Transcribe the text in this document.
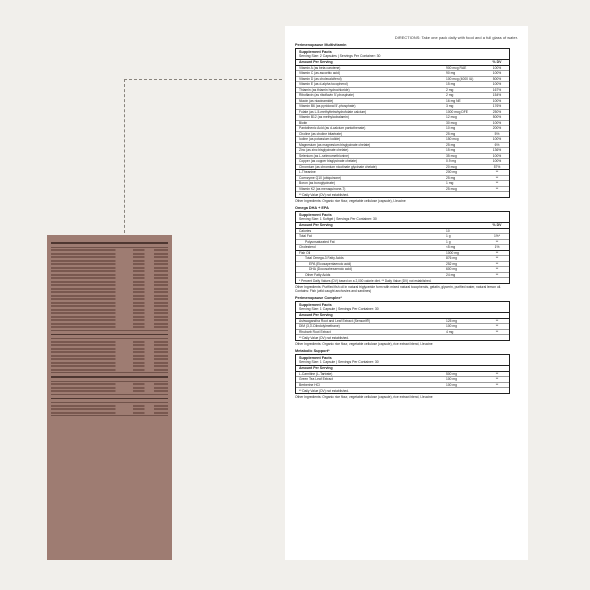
DIRECTIONS: Take one pack daily with food and a full glass of water.
Perimenopause Multivitamin
Supplement Facts
Serving Size: 2 Capsules | Servings Per Container: 30
Amount Per Serving	% DV
Vitamin A (as beta carotene)	900 mcg RAE	100%
Vitamin C (as ascorbic acid)	90 mg	100%
Vitamin D (as cholecalciferol)	100 mcg (4000 IU)	500%
Vitamin E (as d-alpha tocopherol)	15 mg	100%
Thiamin (as thiamin hydrochloride)	2 mg	167%
Riboflavin (as riboflavin 5'-phosphate)	2 mg	154%
Niacin (as niacinamide)	16 mg NE	100%
Vitamin B6 (as pyridoxal 5'-phosphate)	3 mg	176%
Folate (as L-5-methyltetrahydrofolate calcium)	1000 mcg DFE	250%
Vitamin B12 (as methylcobalamin)	12 mcg	500%
Biotin	30 mcg	100%
Pantothenic Acid (as d-calcium pantothenate)	10 mg	200%
Choline (as choline bitartrate)	25 mg	5%
Iodine (as potassium iodide)	150 mcg	100%
Magnesium (as magnesium bisglycinate chelate)	25 mg	6%
Zinc (as zinc bisglycinate chelate)	15 mg	136%
Selenium (as L-selenomethionine)	35 mcg	100%
Copper (as copper bisglycinate chelate)	0.9 mg	100%
Chromium (as chromium nicotinate glycinate chelate)	20 mcg	57%
L-Theanine	200 mg	**
Coenzyme Q10 (ubiquinone)	25 mg	**
Boron (as boroglycinate)	1 mg	**
Vitamin K2 (as menaquinone-7)	25 mcg	**
** Daily Value (DV) not established.
Other Ingredients: Organic rice flour, vegetable cellulose (capsule), l-leucine
Omega DHA + EPA
Supplement Facts
Serving Size: 1 Softgel | Servings Per Container: 30
Amount Per Serving	% DV
Calories	10
Total Fat	1 g	1%*
Polyunsaturated Fat	1 g	**
Cholesterol	<5 mg	1%
Fish Oil	1000 mg	**
Total Omega-3 Fatty Acids	876 mg	**
EPA (Eicosapentaenoic acid)	252 mg	**
DHA (Docosahexaenoic acid)	600 mg	**
Other Fatty Acids	24 mg	**
* Percent Daily Values (DV) based on a 2,000 calorie diet. ** Daily Value (DV) not established.
Other Ingredients: Purified fish oil in natural triglyceride form with mixed natural tocopherols, gelatin, glycerin, purified water, natural lemon oil. Contains: Fish (wild caught anchovies and sardines)
Perimenopause Complex*
Supplement Facts
Serving Size: 1 Capsule | Servings Per Container: 30
Amount Per Serving
Ashwagandha Root and Leaf Extract (Sensoril®)	125 mg	**
DIM (3,3'-Diindolylmethane)	100 mg	**
Rhubarb Root Extract	4 mg	**
** Daily Value (DV) not established.
Other Ingredients: Organic rice flour, vegetable cellulose (capsule), rice extract blend, l-leucine
Metabolic Support*
Supplement Facts
Serving Size: 1 Capsule | Servings Per Container: 30
Amount Per Serving
L-Carnitine (L-Tartrate)	500 mg	**
Green Tea Leaf Extract	100 mg	**
Berberine HCl	100 mg	**
** Daily Value (DV) not established.
Other Ingredients: Organic rice flour, vegetable cellulose (capsule), rice extract blend, l-leucine
